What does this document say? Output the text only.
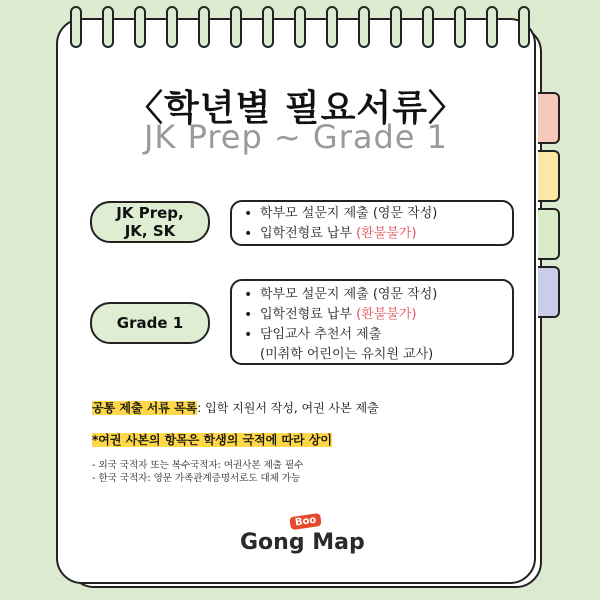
〈학년별 필요서류〉
JK Prep ~ Grade 1
JK Prep,
JK, SK
• 학부모 설문지 제출 (영문 작성)
• 입학전형료 납부 (환불불가)
Grade 1
• 학부모 설문지 제출 (영문 작성)
• 입학전형료 납부 (환불불가)
• 담임교사 추천서 제출
(미취학 어린이는 유치원 교사)
공통 제출 서류 목록: 입학 지원서 작성, 여권 사본 제출
*여권 사본의 항목은 학생의 국적에 따라 상이
- 외국 국적자 또는 복수국적자: 여권사본 제출 필수
- 한국 국적자: 영문 가족관계증명서로도 대체 가능
Boo
Gong Map
